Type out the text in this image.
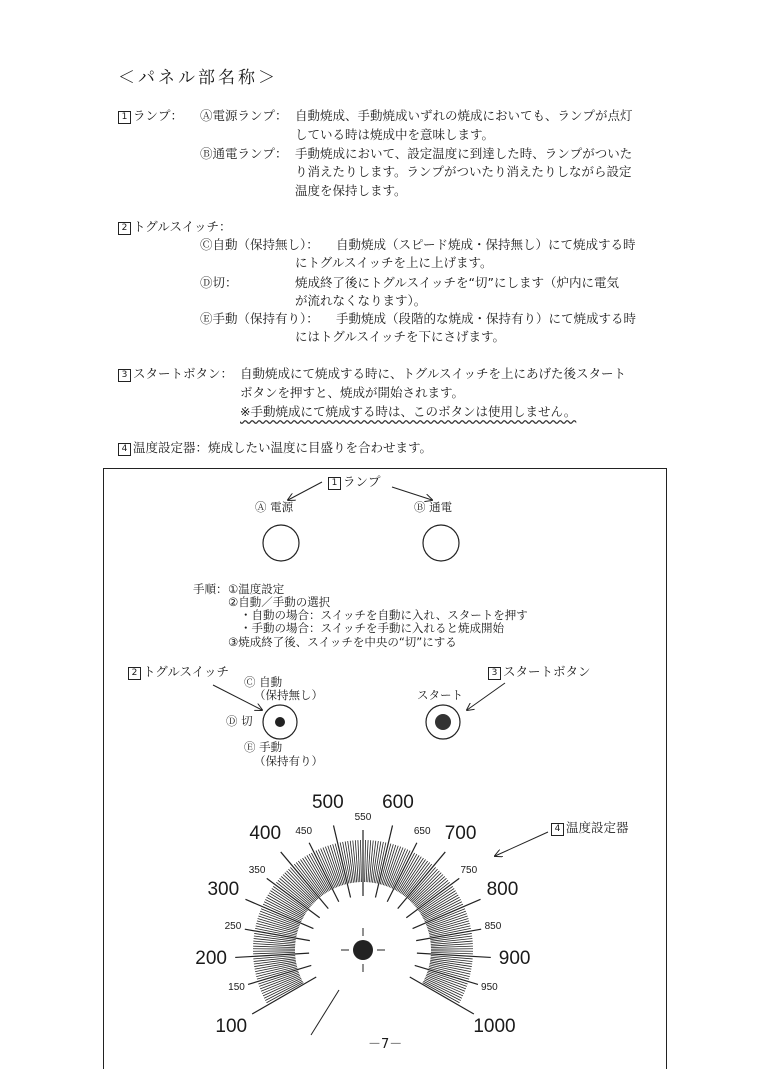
＜パネル部名称＞
1 ランプ： Ⓐ電源ランプ： 自動焼成、手動焼成いずれの焼成においても、ランプが点灯
している時は焼成中を意味します。
Ⓑ通電ランプ： 手動焼成において、設定温度に到達した時、ランプがついた
り消えたりします。ランプがついたり消えたりしながら設定
温度を保持します。
2 トグルスイッチ：
Ⓒ自動（保持無し）： 自動焼成（スピード焼成・保持無し）にて焼成する時
にトグルスイッチを上に上げます。
Ⓓ切：	焼成終了後にトグルスイッチを“切”にします（炉内に電気
が流れなくなります）。
Ⓔ手動（保持有り）： 手動焼成（段階的な焼成・保持有り）にて焼成する時
にはトグルスイッチを下にさげます。
3 スタートボタン： 自動焼成にて焼成する時に、トグルスイッチを上にあげた後スタート
ボタンを押すと、焼成が開始されます。
※手動焼成にて焼成する時は、このボタンは使用しません。
4 温度設定器：焼成したい温度に目盛りを合わせます。
1 ランプ
Ⓐ 電源	Ⓑ 通電
手順： ①温度設定
②自動／手動の選択
・自動の場合：スイッチを自動に入れ、スタートを押す
・手動の場合：スイッチを手動に入れると焼成開始
③焼成終了後、スイッチを中央の“切”にする
2 トグルスイッチ
Ⓒ 自動
（保持無し）
Ⓓ 切
Ⓔ 手動
（保持有り）
3 スタートボタン
スタート
4 温度設定器
100
200
300
400
500 600
700
800
900
1000
150
250
350
450
550
650
750
850
950
－7－
